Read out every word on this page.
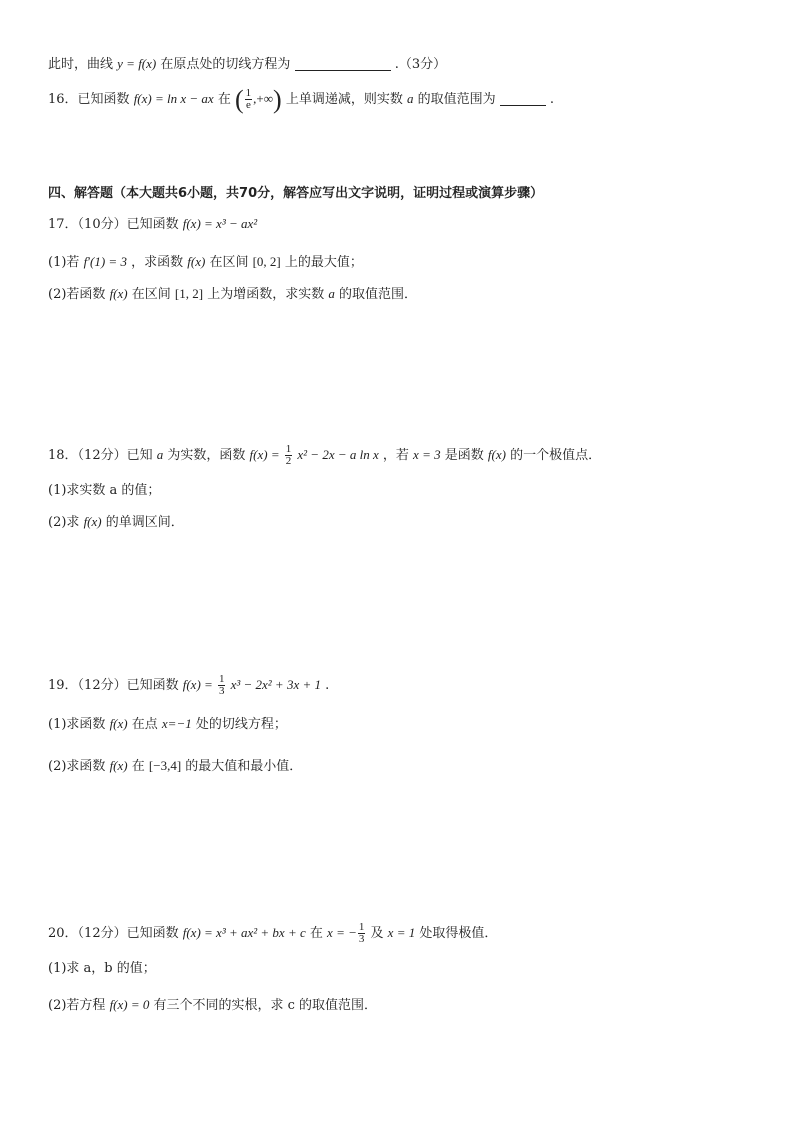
此时，曲线 y = f(x) 在原点处的切线方程为	.（3分）
16．已知函数 f(x) = ln x − ax 在 ( $\frac{1}{e}$ ,+∞) 上单调递减，则实数 a 的取值范围为	.
四、解答题（本大题共6小题，共70分，解答应写出文字说明，证明过程或演算步骤）
17．（10分）已知函数 f(x) = x³ − ax²
(1)若 f′(1) = 3 ，求函数 f(x) 在区间 [0, 2] 上的最大值；
(2)若函数 f(x) 在区间 [1, 2] 上为增函数，求实数 a 的取值范围．
18．（12分）已知 a 为实数，函数 $f(x) = \frac{1}{2} x^2 - 2x - a$ ln x ，若 x = 3 是函数 f(x) 的一个极值点．
(1)求实数 a 的值；
(2)求 f(x) 的单调区间．
19．（12分）已知函数 $f(x) = \frac{1}{3} x^3 - 2x^2 + 3x + 1$ .
(1)求函数 f(x) 在点 x=−1 处的切线方程；
(2)求函数 f(x) 在 [−3,4] 的最大值和最小值．
20．（12分）已知函数 f(x) = x³ + ax² + bx + c 在 x = − $\frac{1}{3}$ 及 x = 1 处取得极值．
(1)求 a，b 的值；
(2)若方程 f(x) = 0 有三个不同的实根，求 c 的取值范围．
